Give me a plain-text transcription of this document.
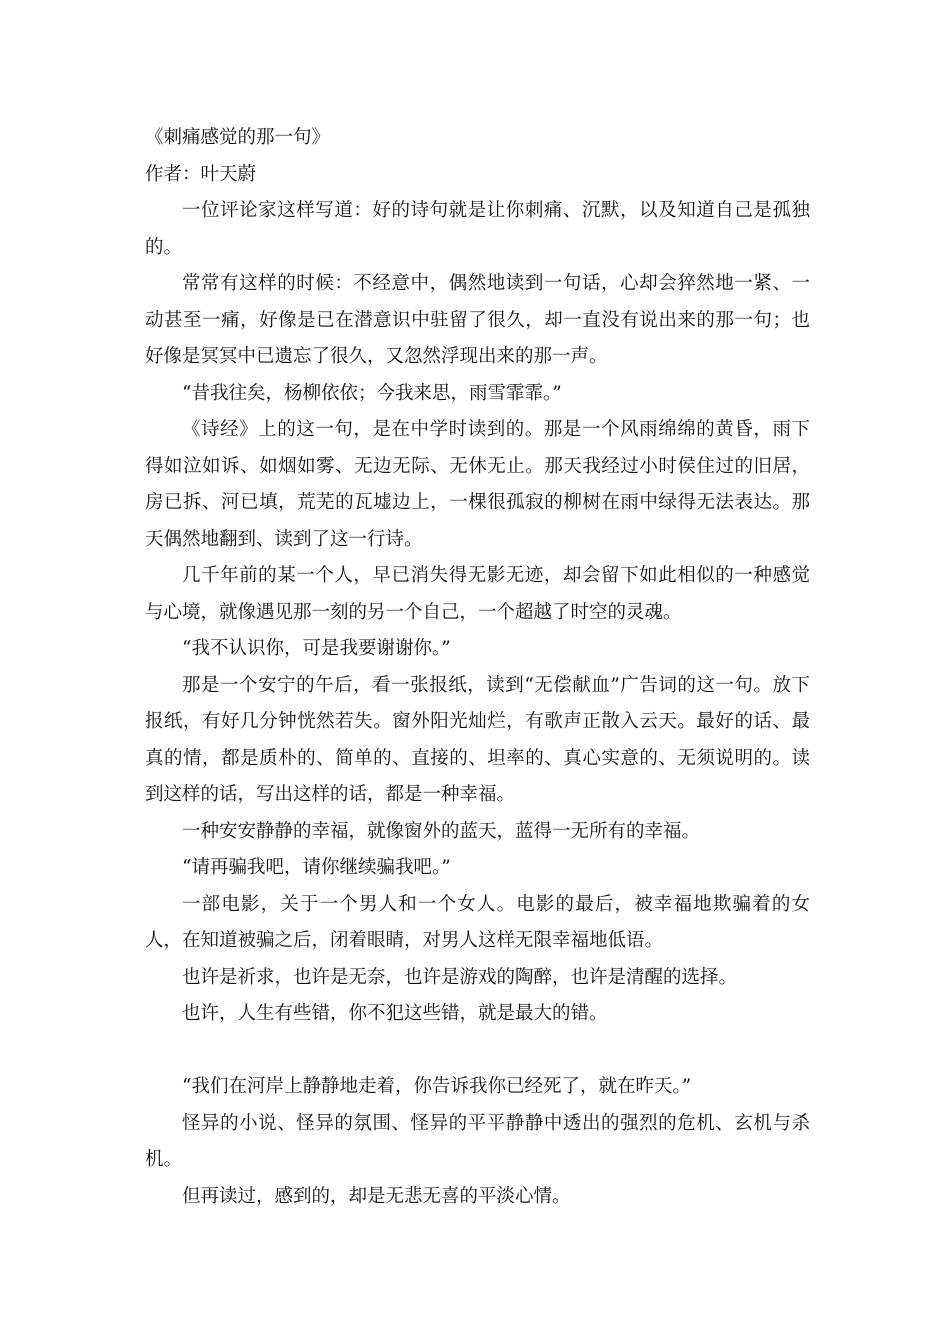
《刺痛感觉的那一句》

作者：叶天蔚

一位评论家这样写道：好的诗句就是让你刺痛、沉默，以及知道自己是孤独的。

常常有这样的时候：不经意中，偶然地读到一句话，心却会猝然地一紧、一动甚至一痛，好像是已在潜意识中驻留了很久，却一直没有说出来的那一句；也好像是冥冥中已遗忘了很久，又忽然浮现出来的那一声。

“昔我往矣，杨柳依依；今我来思，雨雪霏霏。”

《诗经》上的这一句，是在中学时读到的。那是一个风雨绵绵的黄昏，雨下得如泣如诉、如烟如雾、无边无际、无休无止。那天我经过小时侯住过的旧居，房已拆、河已填，荒芜的瓦墟边上，一棵很孤寂的柳树在雨中绿得无法表达。那天偶然地翻到、读到了这一行诗。

几千年前的某一个人，早已消失得无影无迹，却会留下如此相似的一种感觉与心境，就像遇见那一刻的另一个自己，一个超越了时空的灵魂。

“我不认识你，可是我要谢谢你。”

那是一个安宁的午后，看一张报纸，读到“无偿献血”广告词的这一句。放下报纸，有好几分钟恍然若失。窗外阳光灿烂，有歌声正散入云天。最好的话、最真的情，都是质朴的、简单的、直接的、坦率的、真心实意的、无须说明的。读到这样的话，写出这样的话，都是一种幸福。

一种安安静静的幸福，就像窗外的蓝天，蓝得一无所有的幸福。

“请再骗我吧，请你继续骗我吧。”

一部电影，关于一个男人和一个女人。电影的最后，被幸福地欺骗着的女人，在知道被骗之后，闭着眼睛，对男人这样无限幸福地低语。

也许是祈求，也许是无奈，也许是游戏的陶醉，也许是清醒的选择。

也许，人生有些错，你不犯这些错，就是最大的错。

“我们在河岸上静静地走着，你告诉我你已经死了，就在昨天。”

怪异的小说、怪异的氛围、怪异的平平静静中透出的强烈的危机、玄机与杀机。

但再读过，感到的，却是无悲无喜的平淡心情。
